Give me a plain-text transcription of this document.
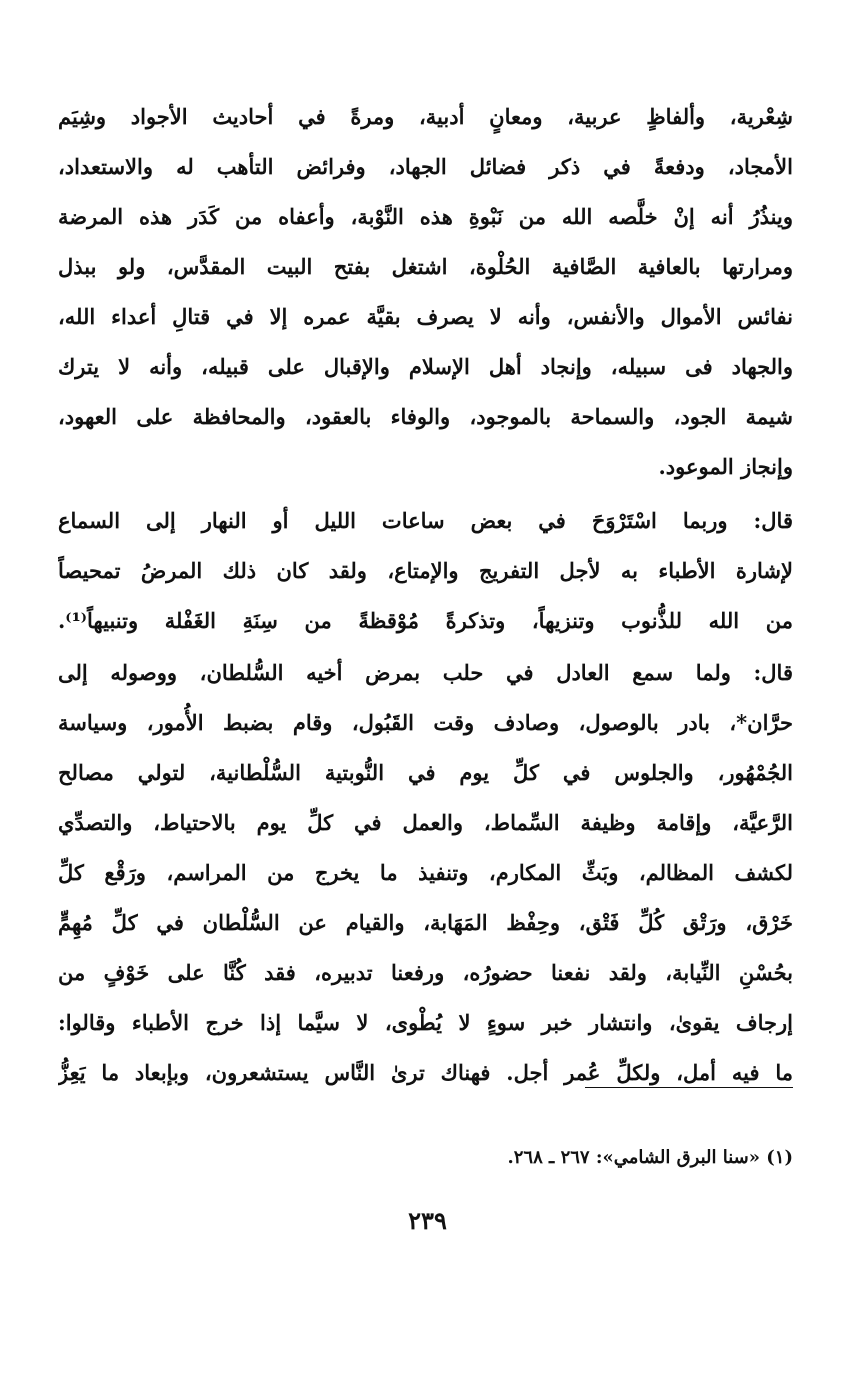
شِعْرية، وألفاظٍ عربية، ومعانٍ أدبية، ومرةً في أحاديث الأجواد وشِيَم
الأمجاد، ودفعةً في ذكر فضائل الجهاد، وفرائض التأهب له والاستعداد،
وينذُرُ أنه إنْ خلَّصه الله من نَبْوةِ هذه النَّوْبة، وأعفاه من كَدَر هذه المرضة
ومرارتها بالعافية الصَّافية الحُلْوة، اشتغل بفتح البيت المقدَّس، ولو ببذل
نفائس الأموال والأنفس، وأنه لا يصرف بقيَّة عمره إلا في قتالِ أعداء الله،
والجهاد فى سبيله، وإنجاد أهل الإسلام والإقبال على قبيله، وأنه لا يترك
شيمة الجود، والسماحة بالموجود، والوفاء بالعقود، والمحافظة على العهود،
وإنجاز الموعود.
قال: وربما اسْتَرْوَحَ في بعض ساعات الليل أو النهار إلى السماع
لإشارة الأطباء به لأجل التفريج والإمتاع، ولقد كان ذلك المرضُ تمحيصاً
من الله للذُّنوب وتنزيهاً، وتذكرةً مُوْقظةً من سِنَةِ الغَفْلة وتنبيهاً⁽¹⁾.
قال: ولما سمع العادل في حلب بمرض أخيه السُّلطان، ووصوله إلى
حرَّان*، بادر بالوصول، وصادف وقت القَبُول، وقام بضبط الأُمور، وسياسة
الجُمْهُور، والجلوس في كلِّ يوم في النُّوبتية السُّلْطانية، لتولي مصالح
الرَّعيَّة، وإقامة وظيفة السِّماط، والعمل في كلِّ يوم بالاحتياط، والتصدِّي
لكشف المظالم، وبَثِّ المكارم، وتنفيذ ما يخرج من المراسم، ورَقْع كلِّ
خَرْق، ورَتْق كُلِّ فَتْق، وحِفْظ المَهَابة، والقيام عن السُّلْطان في كلِّ مُهِمٍّ
بحُسْنِ النِّيابة، ولقد نفعنا حضورُه، ورفعنا تدبيره، فقد كُنَّا على خَوْفٍ من
إرجاف يقوىٰ، وانتشار خبر سوءٍ لا يُطْوى، لا سيَّما إذا خرج الأطباء وقالوا:
ما فيه أمل، ولكلِّ عُمر أجل. فهناك ترىٰ النَّاس يستشعرون، وبإبعاد ما يَعِزُّ
(١) «سنا البرق الشامي»: ٢٦٧ ـ ٢٦٨.
٢٣٩
